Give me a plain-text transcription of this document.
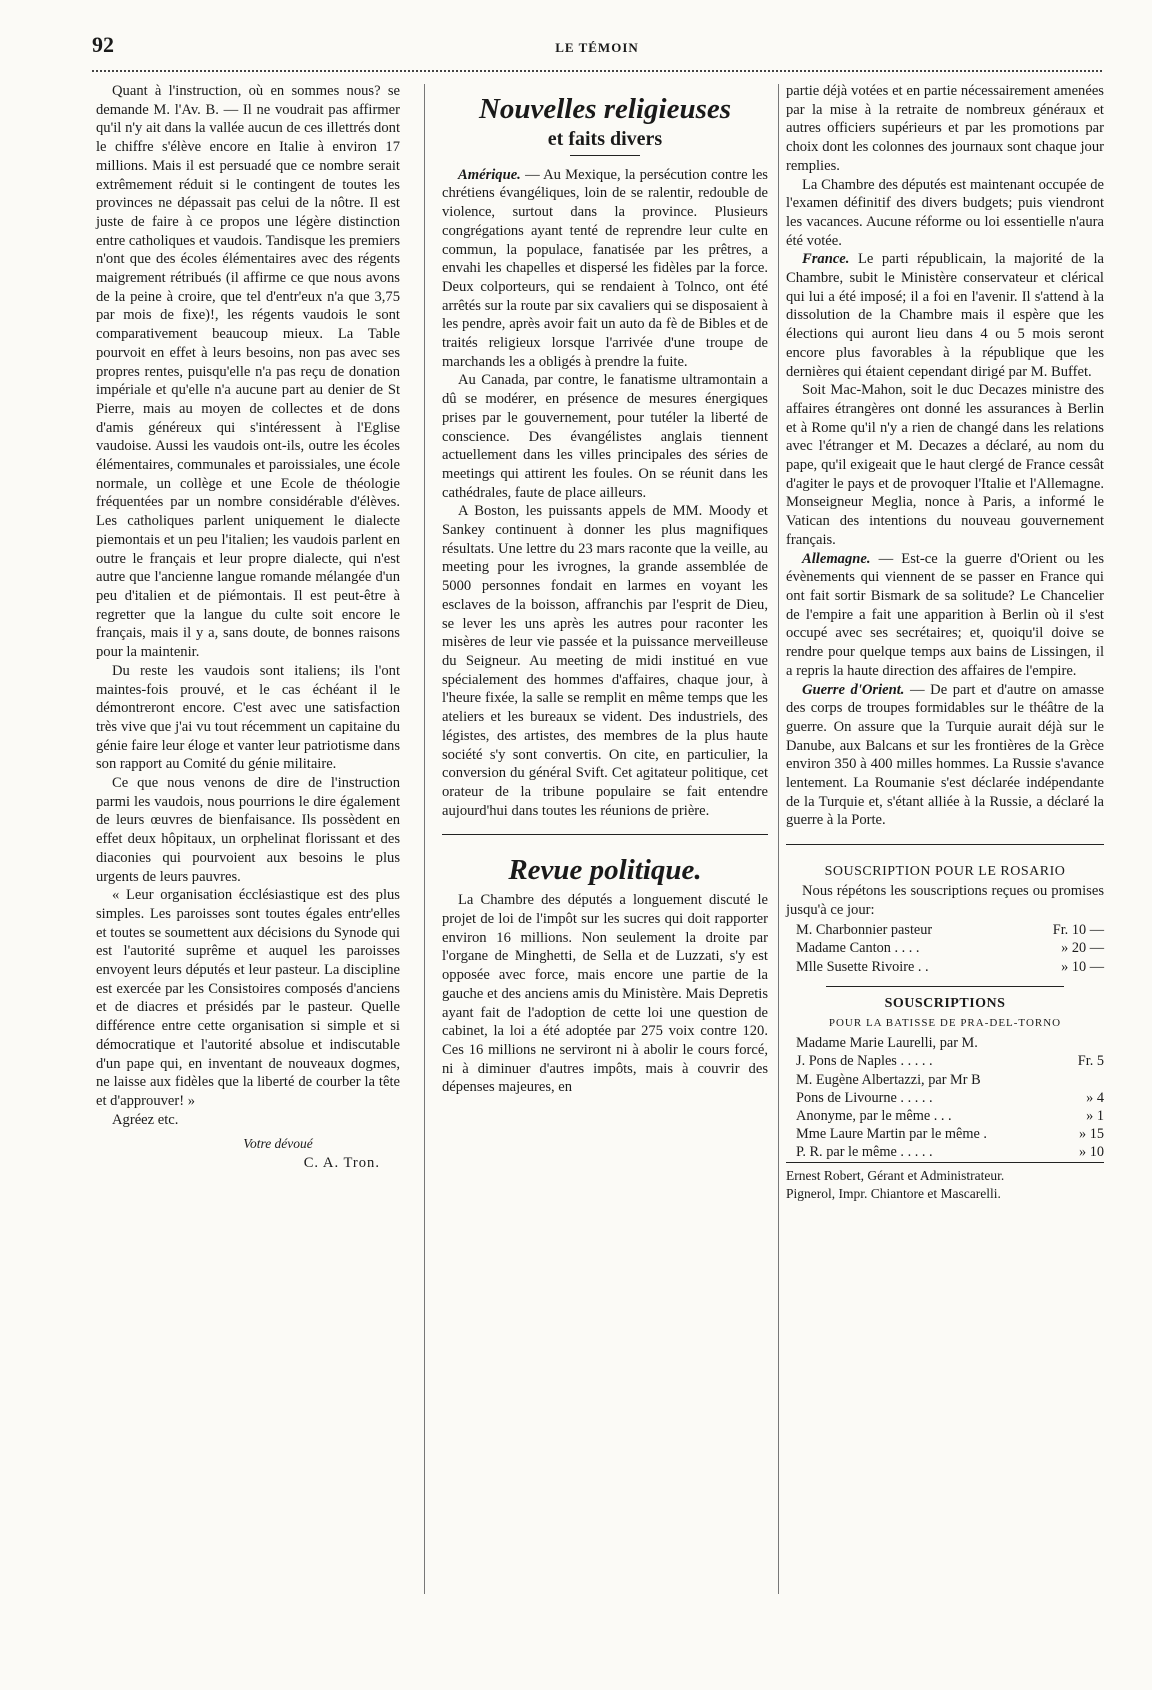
92	LE TÉMOIN

Quant à l'instruction, où en sommes nous? se demande M. l'Av. B. — Il ne voudrait pas affirmer qu'il n'y ait dans la vallée aucun de ces illettrés dont le chiffre s'élève encore en Italie à environ 17 millions. Mais il est persuadé que ce nombre serait extrêmement réduit si le contingent de toutes les provinces ne dépassait pas celui de la nôtre. Il est juste de faire à ce propos une légère distinction entre catholiques et vaudois. Tandisque les premiers n'ont que des écoles élémentaires avec des régents maigrement rétribués (il affirme ce que nous avons de la peine à croire, que tel d'entr'eux n'a que 3,75 par mois de fixe)!, les régents vaudois le sont comparativement beaucoup mieux. La Table pourvoit en effet à leurs besoins, non pas avec ses propres rentes, puisqu'elle n'a pas reçu de donation impériale et qu'elle n'a aucune part au denier de St Pierre, mais au moyen de collectes et de dons d'amis généreux qui s'intéressent à l'Eglise vaudoise. Aussi les vaudois ont-ils, outre les écoles élémentaires, communales et paroissiales, une école normale, un collège et une Ecole de théologie fréquentées par un nombre considérable d'élèves. Les catholiques parlent uniquement le dialecte piemontais et un peu l'italien; les vaudois parlent en outre le français et leur propre dialecte, qui n'est autre que l'ancienne langue romande mélangée d'un peu d'italien et de piémontais. Il est peut-être à regretter que la langue du culte soit encore le français, mais il y a, sans doute, de bonnes raisons pour la maintenir.

Du reste les vaudois sont italiens; ils l'ont maintes-fois prouvé, et le cas échéant il le démontreront encore. C'est avec une satisfaction très vive que j'ai vu tout récemment un capitaine du génie faire leur éloge et vanter leur patriotisme dans son rapport au Comité du génie militaire.

Ce que nous venons de dire de l'instruction parmi les vaudois, nous pourrions le dire également de leurs œuvres de bienfaisance. Ils possèdent en effet deux hôpitaux, un orphelinat florissant et des diaconies qui pourvoient aux besoins le plus urgents de leurs pauvres.

« Leur organisation écclésiastique est des plus simples. Les paroisses sont toutes égales entr'elles et toutes se soumettent aux décisions du Synode qui est l'autorité suprême et auquel les paroisses envoyent leurs députés et leur pasteur. La discipline est exercée par les Consistoires composés d'anciens et de diacres et présidés par le pasteur. Quelle différence entre cette organisation si simple et si démocratique et l'autorité absolue et indiscutable d'un pape qui, en inventant de nouveaux dogmes, ne laisse aux fidèles que la liberté de courber la tête et d'approuver! »

Agréez etc.

Votre dévoué
C. A. Tron.
Nouvelles religieuses
et faits divers

Amérique. — Au Mexique, la persécution contre les chrétiens évangéliques, loin de se ralentir, redouble de violence, surtout dans la province. Plusieurs congrégations ayant tenté de reprendre leur culte en commun, la populace, fanatisée par les prêtres, a envahi les chapelles et dispersé les fidèles par la force. Deux colporteurs, qui se rendaient à Tolnco, ont été arrêtés sur la route par six cavaliers qui se disposaient à les pendre, après avoir fait un auto da fè de Bibles et de traités religieux lorsque l'arrivée d'une troupe de marchands les a obligés à prendre la fuite.

Au Canada, par contre, le fanatisme ultramontain a dû se modérer, en présence de mesures énergiques prises par le gouvernement, pour tutéler la liberté de conscience. Des évangélistes anglais tiennent actuellement dans les villes principales des séries de meetings qui attirent les foules. On se réunit dans les cathédrales, faute de place ailleurs.

A Boston, les puissants appels de MM. Moody et Sankey continuent à donner les plus magnifiques résultats. Une lettre du 23 mars raconte que la veille, au meeting pour les ivrognes, la grande assemblée de 5000 personnes fondait en larmes en voyant les esclaves de la boisson, affranchis par l'esprit de Dieu, se lever les uns après les autres pour raconter les misères de leur vie passée et la puissance merveilleuse du Seigneur. Au meeting de midi institué en vue spécialement des hommes d'affaires, chaque jour, à l'heure fixée, la salle se remplit en même temps que les ateliers et les bureaux se vident. Des industriels, des légistes, des artistes, des membres de la plus haute société s'y sont convertis. On cite, en particulier, la conversion du général Svift. Cet agitateur politique, cet orateur de la tribune populaire se fait entendre aujourd'hui dans toutes les réunions de prière.

Revue politique.

La Chambre des députés a longuement discuté le projet de loi de l'impôt sur les sucres qui doit rapporter environ 16 millions. Non seulement la droite par l'organe de Minghetti, de Sella et de Luzzati, s'y est opposée avec force, mais encore une partie de la gauche et des anciens amis du Ministère. Mais Depretis ayant fait de l'adoption de cette loi une question de cabinet, la loi a été adoptée par 275 voix contre 120. Ces 16 millions ne serviront ni à abolir le cours forcé, ni à diminuer d'autres impôts, mais à couvrir des dépenses majeures, en

partie déjà votées et en partie nécessairement amenées par la mise à la retraite de nombreux généraux et autres officiers supérieurs et par les promotions par choix dont les colonnes des journaux sont chaque jour remplies.

La Chambre des députés est maintenant occupée de l'examen définitif des divers budgets; puis viendront les vacances. Aucune réforme ou loi essentielle n'aura été votée.

France. Le parti républicain, la majorité de la Chambre, subit le Ministère conservateur et clérical qui lui a été imposé; il a foi en l'avenir. Il s'attend à la dissolution de la Chambre mais il espère que les élections qui auront lieu dans 4 ou 5 mois seront encore plus favorables à la république que les dernières qui étaient cependant dirigé par M. Buffet.

Soit Mac-Mahon, soit le duc Decazes ministre des affaires étrangères ont donné les assurances à Berlin et à Rome qu'il n'y a rien de changé dans les relations avec l'étranger et M. Decazes a déclaré, au nom du pape, qu'il exigeait que le haut clergé de France cessât d'agiter le pays et de provoquer l'Italie et l'Allemagne. Monseigneur Meglia, nonce à Paris, a informé le Vatican des intentions du nouveau gouvernement français.

Allemagne. — Est-ce la guerre d'Orient ou les évènements qui viennent de se passer en France qui ont fait sortir Bismark de sa solitude? Le Chancelier de l'empire a fait une apparition à Berlin où il s'est occupé avec ses secrétaires; et, quoiqu'il doive se rendre pour quelque temps aux bains de Lissingen, il a repris la haute direction des affaires de l'empire.

Guerre d'Orient. — De part et d'autre on amasse des corps de troupes formidables sur le théâtre de la guerre. On assure que la Turquie aurait déjà sur le Danube, aux Balcans et sur les frontières de la Grèce environ 350 à 400 milles hommes. La Russie s'avance lentement. La Roumanie s'est déclarée indépendante de la Turquie et, s'étant alliée à la Russie, a déclaré la guerre à la Porte.

SOUSCRIPTION POUR LE ROSARIO

Nous répétons les souscriptions reçues ou promises jusqu'à ce jour:

M. Charbonnier pasteur	Fr. 10 —
Madame Canton . . . .	» 20 —
Mlle Susette Rivoire . .	» 10 —
SOUSCRIPTIONS
POUR LA BATISSE DE PRA-DEL-TORNO
Madame Marie Laurelli, par M.
J. Pons de Naples . . . . .	Fr. 5
M. Eugène Albertazzi, par Mr B
Pons de Livourne . . . . .	» 4
Anonyme, par le même . . .	» 1
Mme Laure Martin par le même .	» 15
P. R. par le même . . . . .	» 10

Ernest Robert, Gérant et Administrateur.

Pignerol, Impr. Chiantore et Mascarelli.
